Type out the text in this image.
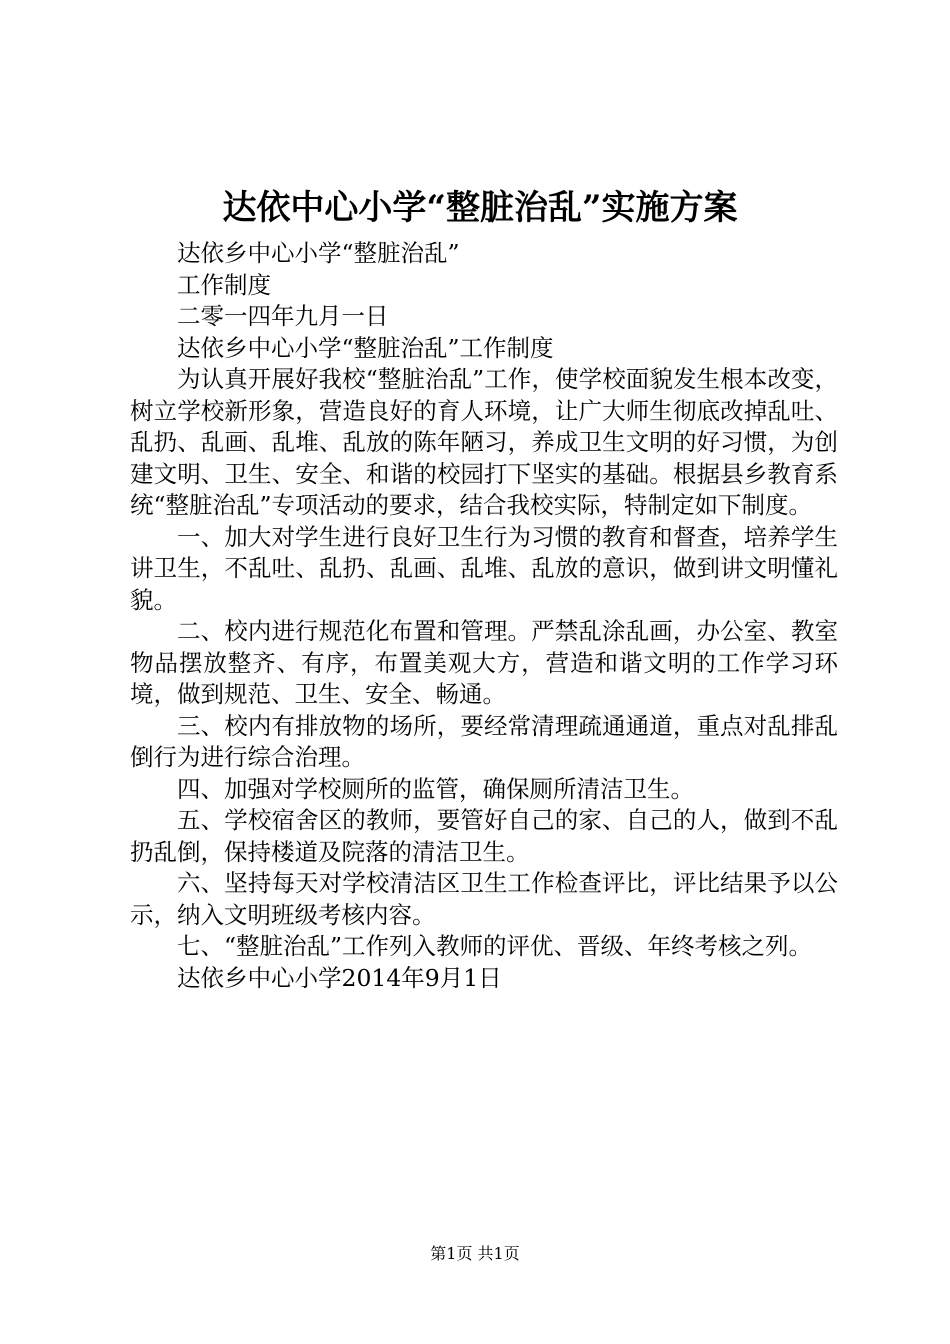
达依中心小学“整脏治乱”实施方案

达依乡中心小学“整脏治乱”

工作制度

二零一四年九月一日

达依乡中心小学“整脏治乱”工作制度

为认真开展好我校“整脏治乱”工作，使学校面貌发生根本改变，树立学校新形象，营造良好的育人环境，让广大师生彻底改掉乱吐、乱扔、乱画、乱堆、乱放的陈年陋习，养成卫生文明的好习惯，为创建文明、卫生、安全、和谐的校园打下坚实的基础。根据县乡教育系统“整脏治乱”专项活动的要求，结合我校实际，特制定如下制度。

一、加大对学生进行良好卫生行为习惯的教育和督查，培养学生讲卫生，不乱吐、乱扔、乱画、乱堆、乱放的意识，做到讲文明懂礼貌。

二、校内进行规范化布置和管理。严禁乱涂乱画，办公室、教室物品摆放整齐、有序，布置美观大方，营造和谐文明的工作学习环境，做到规范、卫生、安全、畅通。

三、校内有排放物的场所，要经常清理疏通通道，重点对乱排乱倒行为进行综合治理。

四、加强对学校厕所的监管，确保厕所清洁卫生。

五、学校宿舍区的教师，要管好自己的家、自己的人，做到不乱扔乱倒，保持楼道及院落的清洁卫生。

六、坚持每天对学校清洁区卫生工作检查评比，评比结果予以公示，纳入文明班级考核内容。

七、“整脏治乱”工作列入教师的评优、晋级、年终考核之列。

达依乡中心小学2014年9月1日

第1页 共1页
